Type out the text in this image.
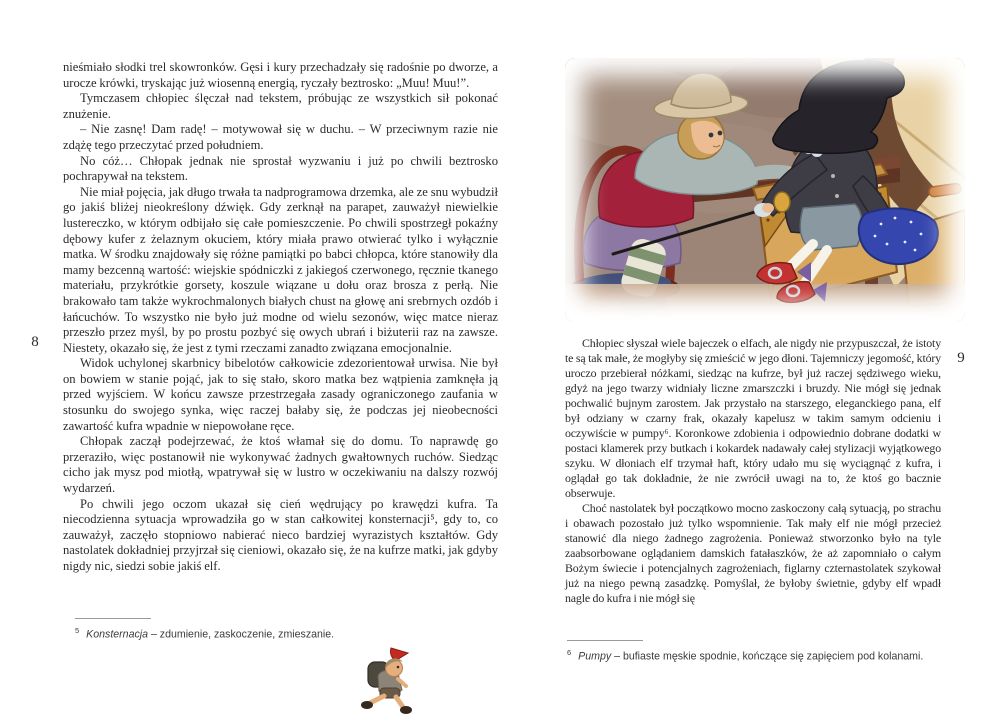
8

nieśmiało słodki trel skowronków. Gęsi i kury przechadzały się radośnie po dworze, a urocze krówki, tryskając już wiosenną energią, ryczały beztrosko: „Muu! Muu!”.

Tymczasem chłopiec ślęczał nad tekstem, próbując ze wszystkich sił pokonać znużenie.

– Nie zasnę! Dam radę! – motywował się w duchu. – W przeciwnym razie nie zdążę tego przeczytać przed południem.

No cóż… Chłopak jednak nie sprostał wyzwaniu i już po chwili beztrosko pochrapywał na tekstem.

Nie miał pojęcia, jak długo trwała ta nadprogramowa drzemka, ale ze snu wybudził go jakiś bliżej nieokreślony dźwięk. Gdy zerknął na parapet, zauważył niewielkie lustereczko, w którym odbijało się całe pomieszczenie. Po chwili spostrzegł pokaźny dębowy kufer z żelaznym okuciem, który miała prawo otwierać tylko i wyłącznie matka. W środku znajdowały się różne pamiątki po babci chłopca, które stanowiły dla mamy bezcenną wartość: wiejskie spódniczki z jakiegoś czerwonego, ręcznie tkanego materiału, przykrótkie gorsety, koszule wiązane u dołu oraz brosza z perłą. Nie brakowało tam także wykrochmalonych białych chust na głowę ani srebrnych ozdób i łańcuchów. To wszystko nie było już modne od wielu sezonów, więc matce nieraz przeszło przez myśl, by po prostu pozbyć się owych ubrań i biżuterii raz na zawsze. Niestety, okazało się, że jest z tymi rzeczami zanadto związana emocjonalnie.

Widok uchylonej skarbnicy bibelotów całkowicie zdezorientował urwisa. Nie był on bowiem w stanie pojąć, jak to się stało, skoro matka bez wątpienia zamknęła ją przed wyjściem. W końcu zawsze przestrzegała zasady ograniczonego zaufania w stosunku do swojego synka, więc raczej bałaby się, że podczas jej nieobecności zawartość kufra wpadnie w niepowołane ręce.

Chłopak zaczął podejrzewać, że ktoś włamał się do domu. To naprawdę go przeraziło, więc postanowił nie wykonywać żadnych gwałtownych ruchów. Siedząc cicho jak mysz pod miotłą, wpatrywał się w lustro w oczekiwaniu na dalszy rozwój wydarzeń.

Po chwili jego oczom ukazał się cień wędrujący po krawędzi kufra. Ta niecodzienna sytuacja wprowadziła go w stan całkowitej konsternacji⁵, gdy to, co zauważył, zaczęło stopniowo nabierać nieco bardziej wyrazistych kształtów. Gdy nastolatek dokładniej przyjrzał się cieniowi, okazało się, że na kufrze matki, jak gdyby nigdy nic, siedzi sobie jakiś elf.

$^5$ Konsternacja – zdumienie, zaskoczenie, zmieszanie.
9

Chłopiec słyszał wiele bajeczek o elfach, ale nigdy nie przypuszczał, że istoty te są tak małe, że mogłyby się zmieścić w jego dłoni. Tajemniczy jegomość, który uroczo przebierał nóżkami, siedząc na kufrze, był już raczej sędziwego wieku, gdyż na jego twarzy widniały liczne zmarszczki i bruzdy. Nie mógł się jednak pochwalić bujnym zarostem. Jak przystało na starszego, eleganckiego pana, elf był odziany w czarny frak, okazały kapelusz w takim samym odcieniu i oczywiście w pumpy⁶. Koronkowe zdobienia i odpowiednio dobrane dodatki w postaci klamerek przy butkach i kokardek nadawały całej stylizacji wyjątkowego szyku. W dłoniach elf trzymał haft, który udało mu się wyciągnąć z kufra, i oglądał go tak dokładnie, że nie zwrócił uwagi na to, że ktoś go bacznie obserwuje.

Choć nastolatek był początkowo mocno zaskoczony całą sytuacją, po strachu i obawach pozostało już tylko wspomnienie. Tak mały elf nie mógł przecież stanowić dla niego żadnego zagrożenia. Ponieważ stworzonko było na tyle zaabsorbowane oglądaniem damskich fatałaszków, że aż zapomniało o całym Bożym świecie i potencjalnych zagrożeniach, figlarny czternastolatek szykował już na niego pewną zasadzkę. Pomyślał, że byłoby świetnie, gdyby elf wpadł nagle do kufra i nie mógł się

$^6$ Pumpy – bufiaste męskie spodnie, kończące się zapięciem pod kolanami.
